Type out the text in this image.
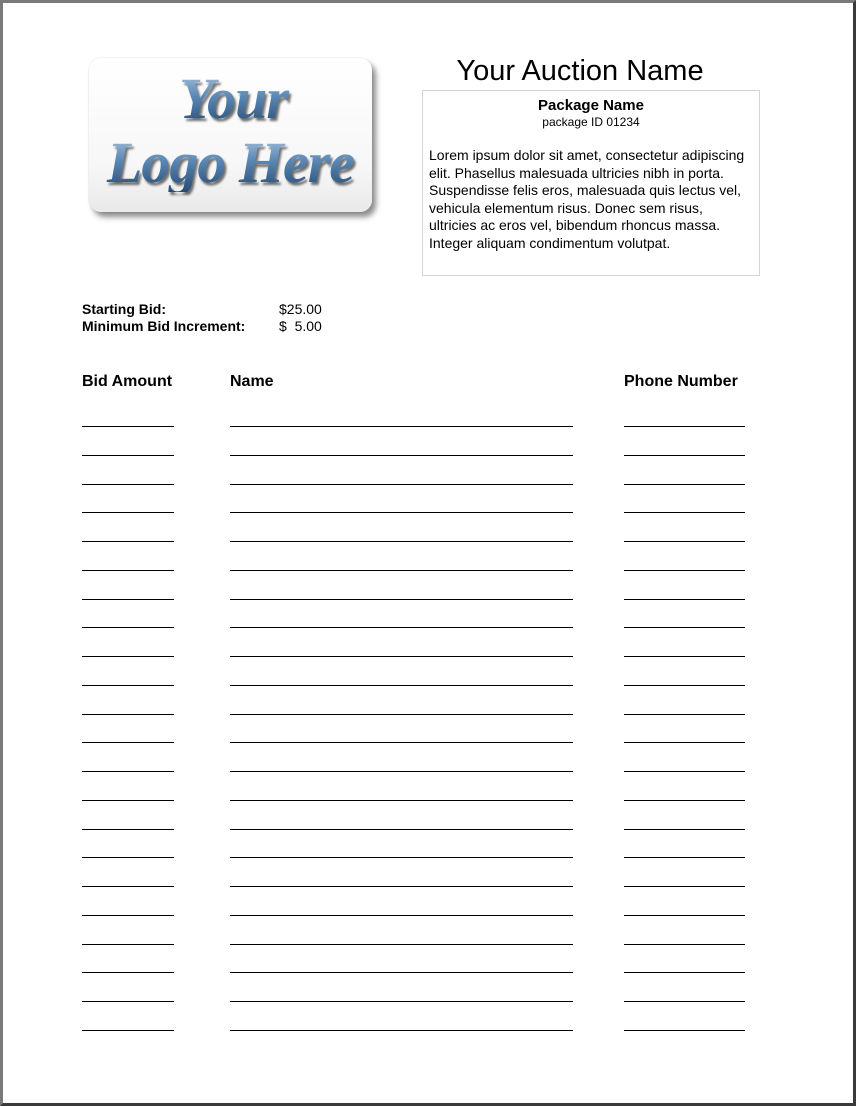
Your
Logo Here
Your Auction Name
Package Name
package ID 01234

Lorem ipsum dolor sit amet, consectetur adipiscing elit. Phasellus malesuada ultricies nibh in porta. Suspendisse felis eros, malesuada quis lectus vel, vehicula elementum risus. Donec sem risus, ultricies ac eros vel, bibendum rhoncus massa. Integer aliquam condimentum volutpat.

Starting Bid:	$25.00
Minimum Bid Increment: $  5.00
Bid Amount	Name	Phone Number
